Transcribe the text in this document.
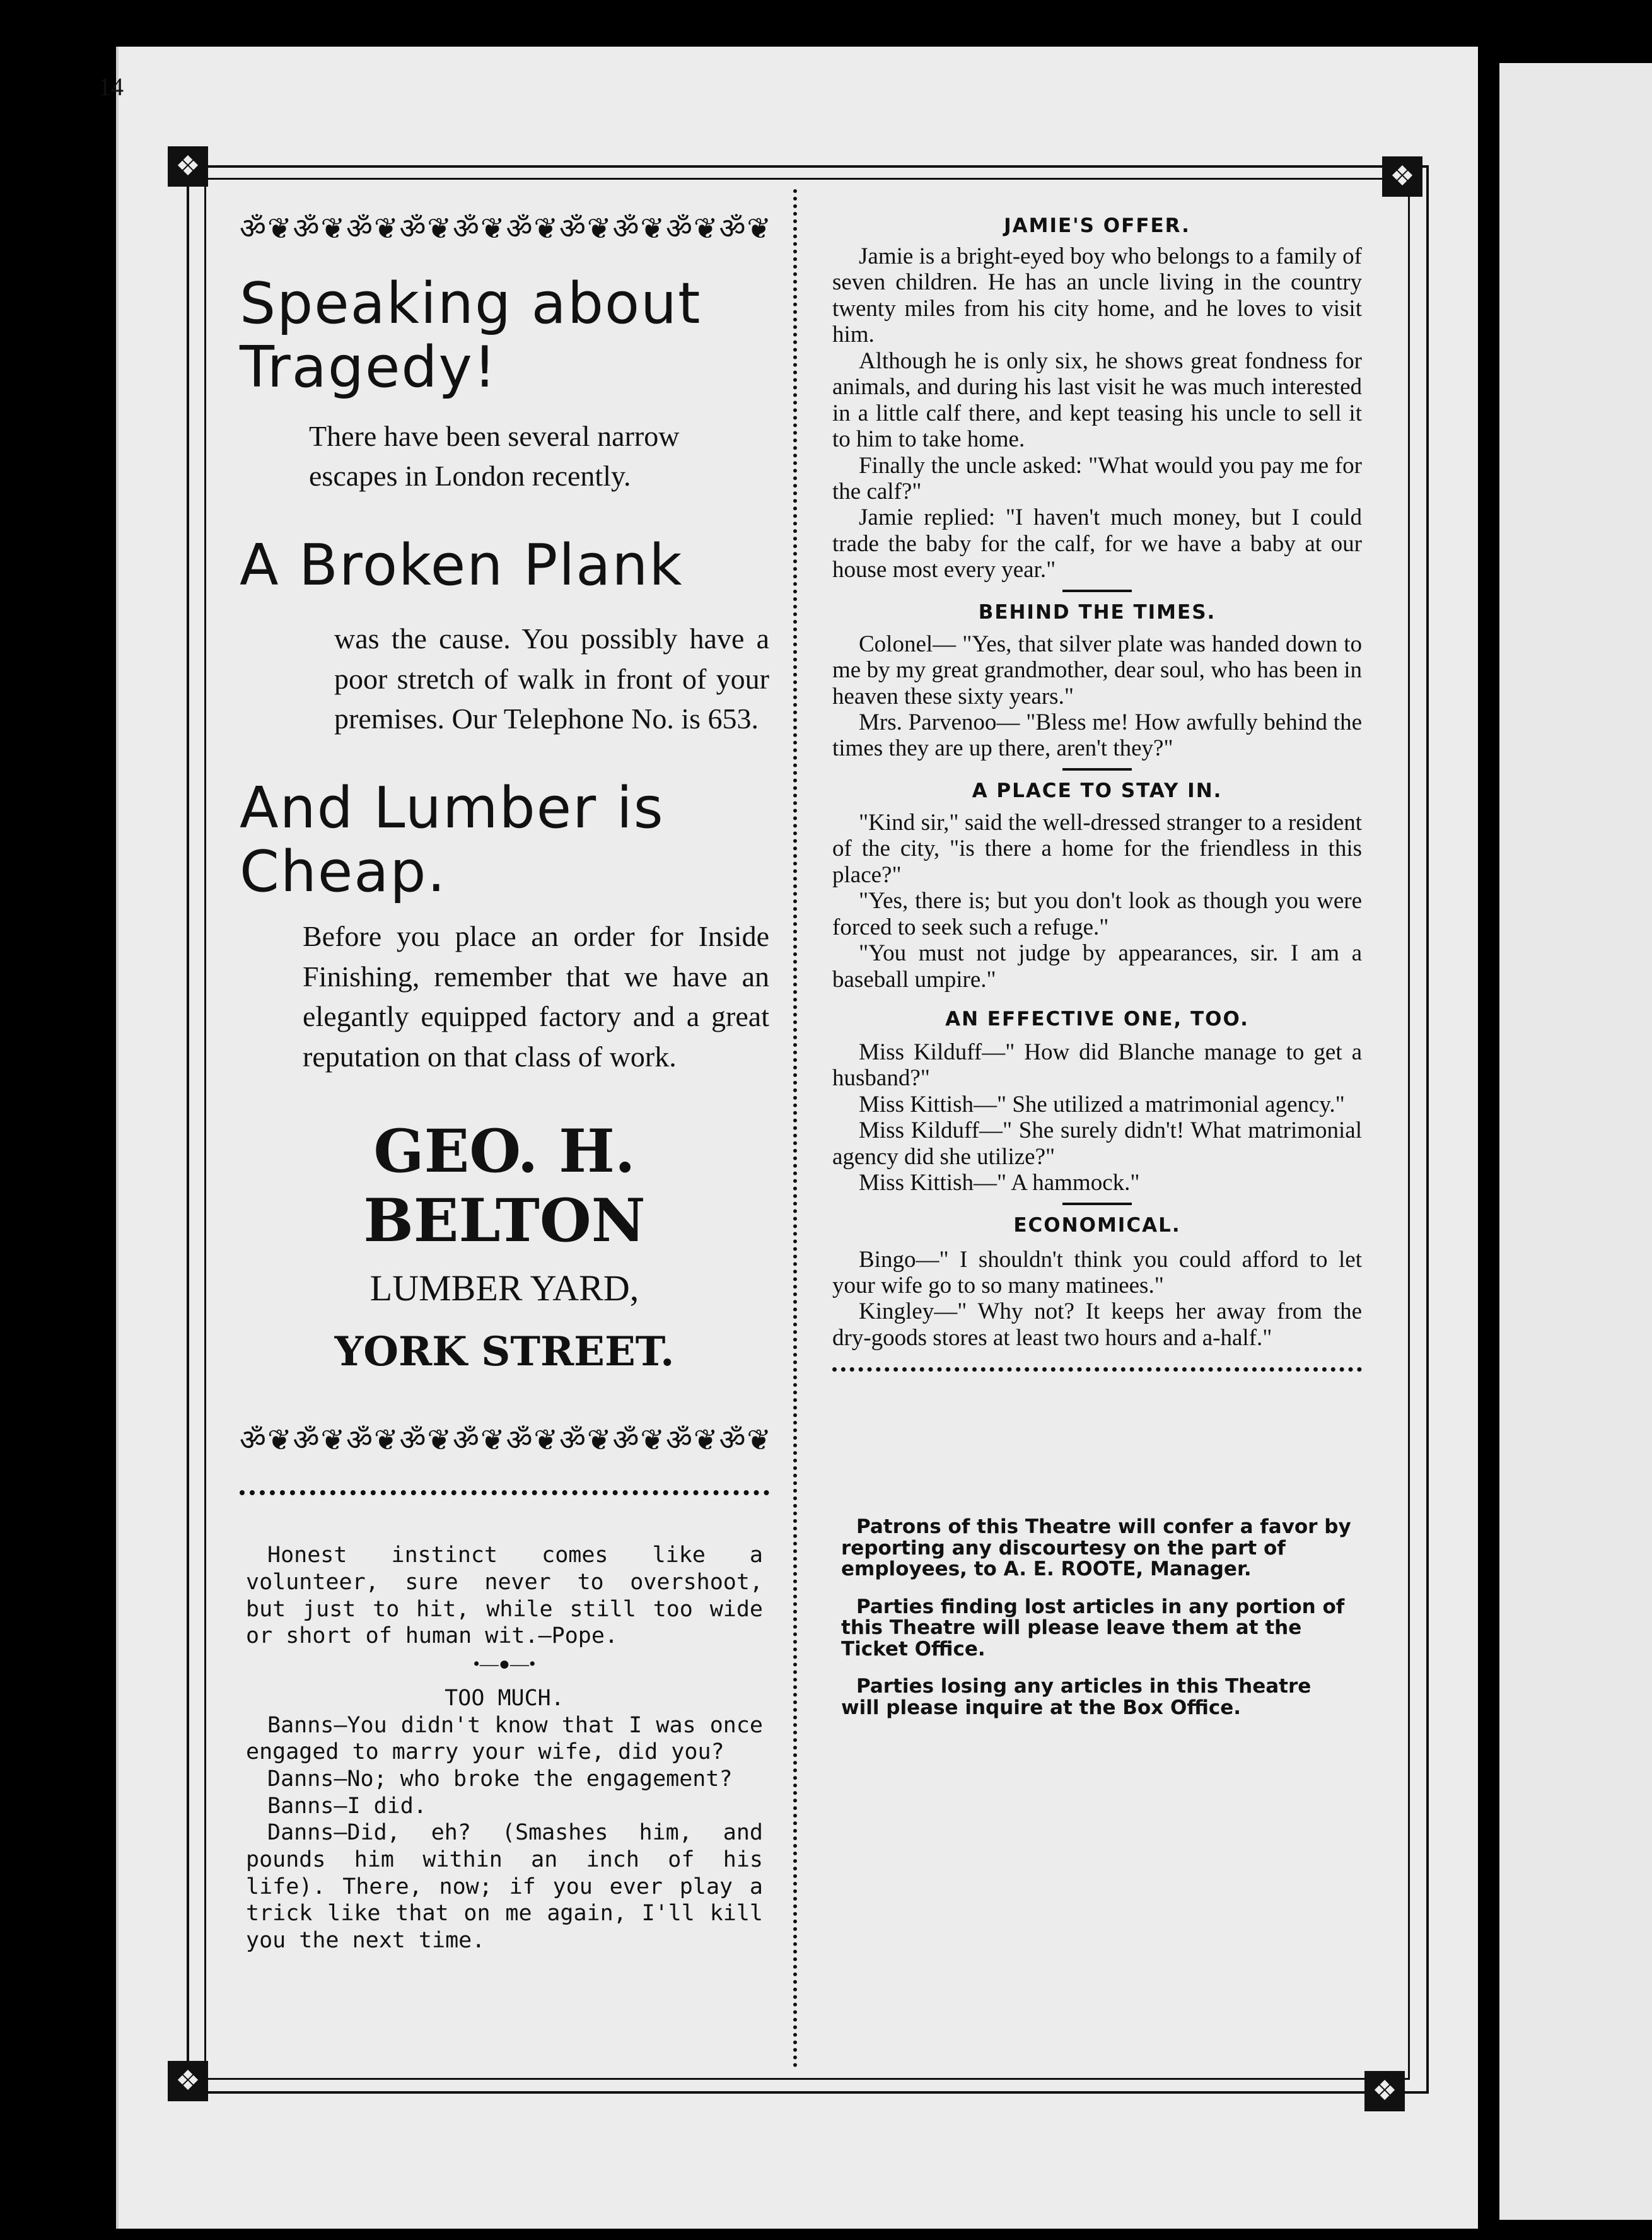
14
❖	❖
❖	❖
ॐ❦ॐ❦ॐ❦ॐ❦ॐ❦ॐ❦ॐ❦ॐ❦ॐ❦ॐ❦
Speaking about Tragedy!

There have been several narrow escapes in London recently.

A Broken Plank

was the cause. You possibly have a poor stretch of walk in front of your premises. Our Telephone No. is 653.

And Lumber is Cheap.

Before you place an order for Inside Finishing, remember that we have an elegantly equipped factory and a great reputation on that class of work.

GEO. H. BELTON

LUMBER YARD,

YORK STREET.

ॐ❦ॐ❦ॐ❦ॐ❦ॐ❦ॐ❦ॐ❦ॐ❦ॐ❦ॐ❦

Honest instinct comes like a volunteer, sure never to overshoot, but just to hit, while still too wide or short of human wit.—Pope.

•—●—•

TOO MUCH.

Banns—You didn't know that I was once engaged to marry your wife, did you?

Danns—No; who broke the engagement?

Banns—I did.

Danns—Did, eh? (Smashes him, and pounds him within an inch of his life). There, now; if you ever play a trick like that on me again, I'll kill you the next time.

JAMIE'S OFFER.

Jamie is a bright-eyed boy who belongs to a family of seven children. He has an uncle living in the country twenty miles from his city home, and he loves to visit him.

Although he is only six, he shows great fondness for animals, and during his last visit he was much interested in a little calf there, and kept teasing his uncle to sell it to him to take home.

Finally the uncle asked: "What would you pay me for the calf?"

Jamie replied: "I haven't much money, but I could trade the baby for the calf, for we have a baby at our house most every year."

BEHIND THE TIMES.

Colonel— "Yes, that silver plate was handed down to me by my great grandmother, dear soul, who has been in heaven these sixty years."

Mrs. Parvenoo— "Bless me! How awfully behind the times they are up there, aren't they?"

A PLACE TO STAY IN.

"Kind sir," said the well-dressed stranger to a resident of the city, "is there a home for the friendless in this place?"

"Yes, there is; but you don't look as though you were forced to seek such a refuge."

"You must not judge by appearances, sir. I am a baseball umpire."

AN EFFECTIVE ONE, TOO.

Miss Kilduff—" How did Blanche manage to get a husband?"

Miss Kittish—" She utilized a matrimonial agency."

Miss Kilduff—" She surely didn't! What matrimonial agency did she utilize?"

Miss Kittish—" A hammock."

ECONOMICAL.

Bingo—" I shouldn't think you could afford to let your wife go to so many matinees."

Kingley—" Why not? It keeps her away from the dry-goods stores at least two hours and a-half."

Patrons of this Theatre will confer a favor by reporting any discourtesy on the part of employees, to A. E. ROOTE, Manager.

Parties finding lost articles in any portion of this Theatre will please leave them at the Ticket Office.

Parties losing any articles in this Theatre will please inquire at the Box Office.
